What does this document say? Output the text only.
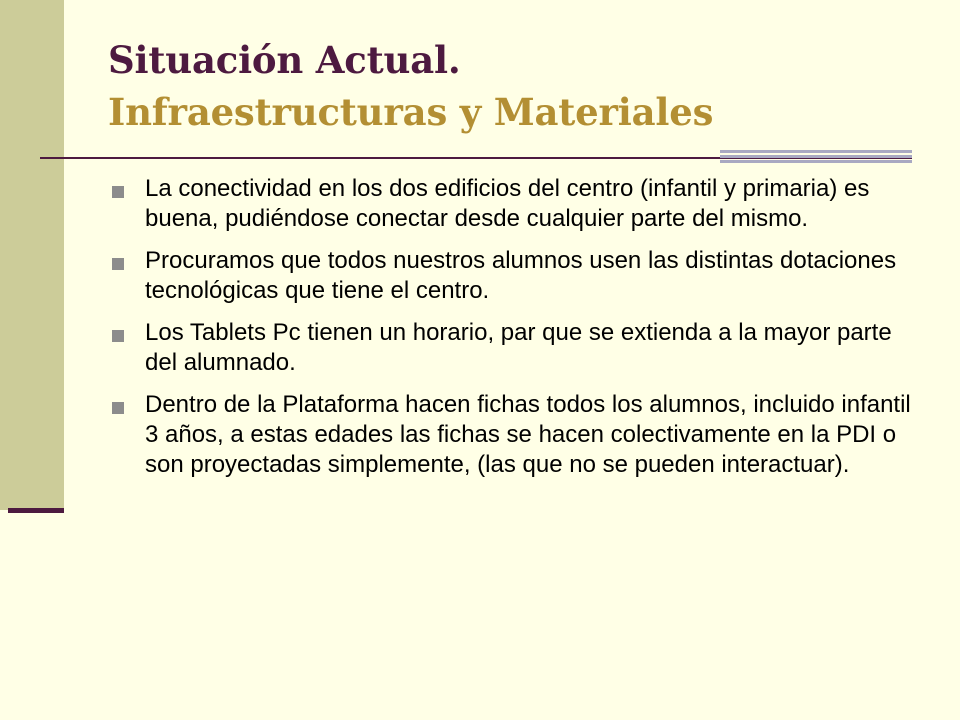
Situación Actual.
Infraestructuras y Materiales
La conectividad en los dos edificios del centro (infantil y primaria) es buena, pudiéndose conectar desde cualquier parte del mismo.
Procuramos que todos nuestros alumnos usen las distintas dotaciones tecnológicas que tiene el centro.
Los Tablets Pc tienen un horario, par que se extienda a la mayor parte del alumnado.
Dentro de la Plataforma hacen fichas todos los alumnos, incluido infantil 3 años, a estas edades las fichas se hacen colectivamente en la PDI o son proyectadas simplemente, (las que no se pueden interactuar).
